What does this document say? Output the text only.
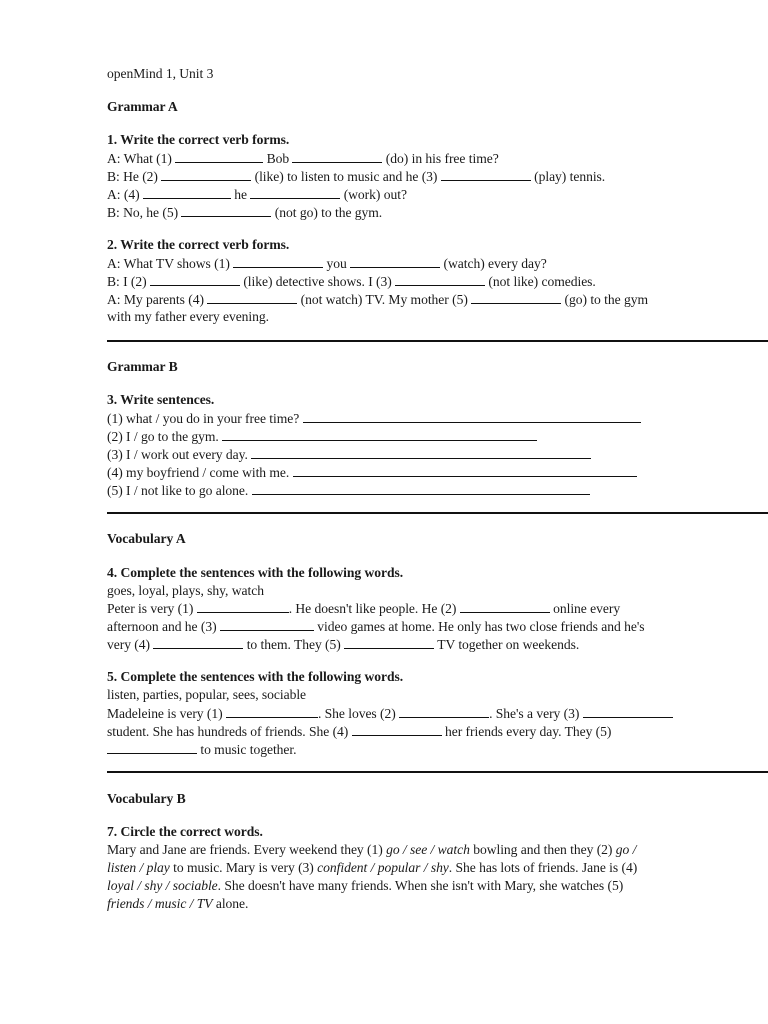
openMind 1, Unit 3
Grammar A
1. Write the correct verb forms.
A: What (1)	Bob	(do) in his free time?
B: He (2)	(like) to listen to music and he (3)	(play) tennis.
A: (4)	he	(work) out?
B: No, he (5)	(not go) to the gym.
2. Write the correct verb forms.
A: What TV shows (1)	you	(watch) every day?
B: I (2)	(like) detective shows. I (3)	(not like) comedies.
A: My parents (4)	(not watch) TV. My mother (5)	(go) to the gym
with my father every evening.
Grammar B
3. Write sentences.
(1) what / you do in your free time?
(2) I / go to the gym.
(3) I / work out every day.
(4) my boyfriend / come with me.
(5) I / not like to go alone.
Vocabulary A
4. Complete the sentences with the following words.
goes, loyal, plays, shy, watch
Peter is very (1)	. He doesn't like people. He (2)	online every
afternoon and he (3)	video games at home. He only has two close friends and he's
very (4)	to them. They (5)	TV together on weekends.
5. Complete the sentences with the following words.
listen, parties, popular, sees, sociable
Madeleine is very (1)	. She loves (2)	. She's a very (3)
student. She has hundreds of friends. She (4)	her friends every day. They (5)
to music together.
Vocabulary B
7. Circle the correct words.
Mary and Jane are friends. Every weekend they (1) go / see / watch bowling and then they (2) go /
listen / play to music. Mary is very (3) confident / popular / shy. She has lots of friends. Jane is (4)
loyal / shy / sociable. She doesn't have many friends. When she isn't with Mary, she watches (5)
friends / music / TV alone.
